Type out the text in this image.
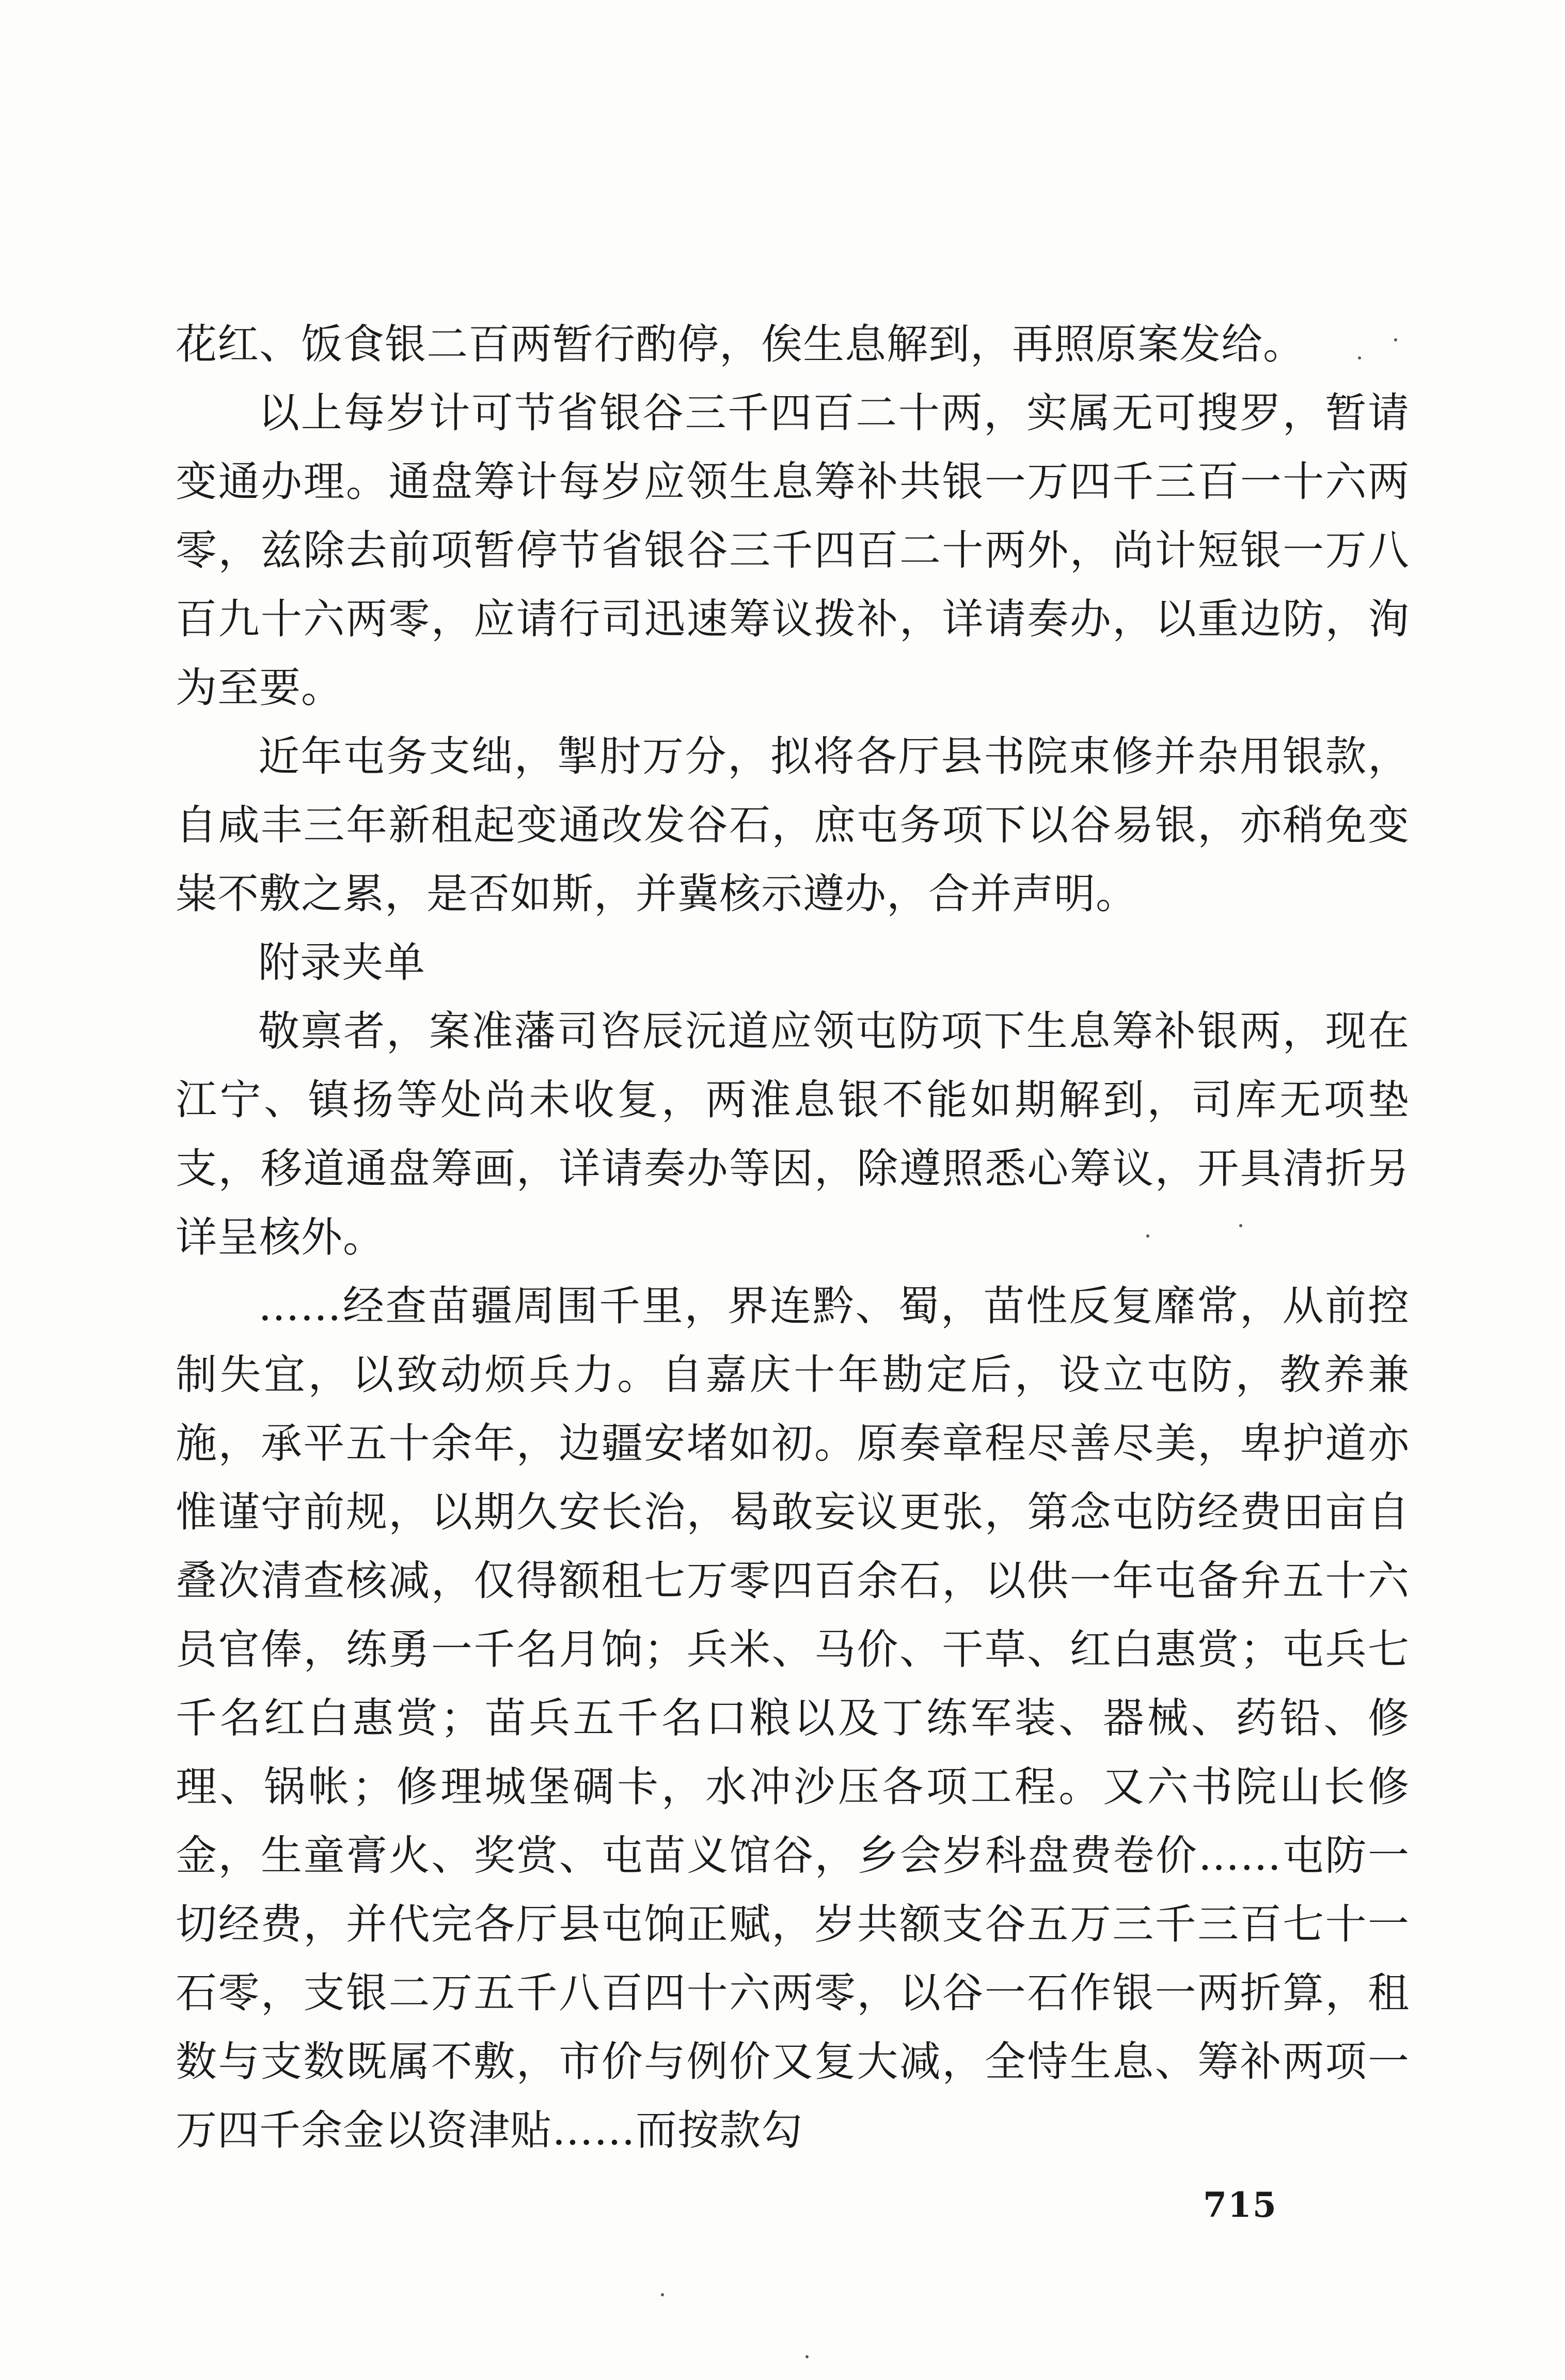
花红、饭食银二百两暂行酌停，俟生息解到，再照原案发给。

以上每岁计可节省银谷三千四百二十两，实属无可搜罗，暂请变通办理。通盘筹计每岁应领生息筹补共银一万四千三百一十六两零，兹除去前项暂停节省银谷三千四百二十两外，尚计短银一万八百九十六两零，应请行司迅速筹议拨补，详请奏办，以重边防，洵为至要。

近年屯务支绌，掣肘万分，拟将各厅县书院束修并杂用银款，自咸丰三年新租起变通改发谷石，庶屯务项下以谷易银，亦稍免变粜不敷之累，是否如斯，并冀核示遵办，合并声明。

附录夹单

敬禀者，案准藩司咨辰沅道应领屯防项下生息筹补银两，现在江宁、镇扬等处尚未收复，两淮息银不能如期解到，司库无项垫支，移道通盘筹画，详请奏办等因，除遵照悉心筹议，开具清折另详呈核外。

……经查苗疆周围千里，界连黔、蜀，苗性反复靡常，从前控制失宜，以致动烦兵力。自嘉庆十年勘定后，设立屯防，教养兼施，承平五十余年，边疆安堵如初。原奏章程尽善尽美，卑护道亦惟谨守前规，以期久安长治，曷敢妄议更张，第念屯防经费田亩自叠次清查核减，仅得额租七万零四百余石，以供一年屯备弁五十六员官俸，练勇一千名月饷；兵米、马价、干草、红白惠赏；屯兵七千名红白惠赏；苗兵五千名口粮以及丁练军装、器械、药铅、修理、锅帐；修理城堡碉卡，水冲沙压各项工程。又六书院山长修金，生童膏火、奖赏、屯苗义馆谷，乡会岁科盘费卷价……屯防一切经费，并代完各厅县屯饷正赋，岁共额支谷五万三千三百七十一石零，支银二万五千八百四十六两零，以谷一石作银一两折算，租数与支数既属不敷，市价与例价又复大减，全恃生息、筹补两项一万四千余金以资津贴……而按款勾

715
